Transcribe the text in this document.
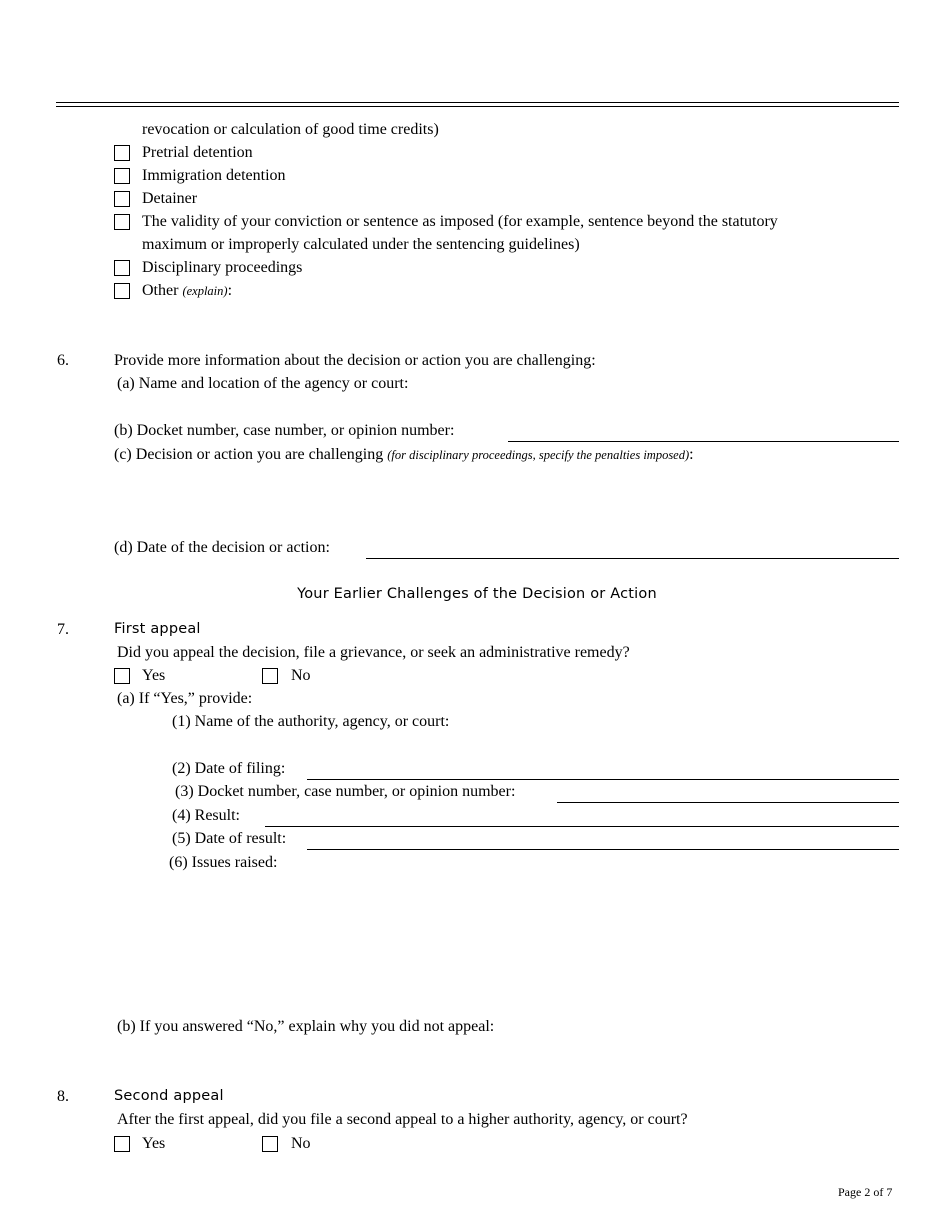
revocation or calculation of good time credits)
Pretrial detention
Immigration detention
Detainer
The validity of your conviction or sentence as imposed (for example, sentence beyond the statutory
maximum or improperly calculated under the sentencing guidelines)
Disciplinary proceedings
Other (explain):
6.	Provide more information about the decision or action you are challenging:
(a) Name and location of the agency or court:
(b) Docket number, case number, or opinion number:
(c) Decision or action you are challenging (for disciplinary proceedings, specify the penalties imposed):
(d) Date of the decision or action:
Your Earlier Challenges of the Decision or Action
7.	First appeal
Did you appeal the decision, file a grievance, or seek an administrative remedy?
Yes	No
(a) If “Yes,” provide:
(1) Name of the authority, agency, or court:
(2) Date of filing:
(3) Docket number, case number, or opinion number:
(4) Result:
(5) Date of result:
(6) Issues raised:
(b) If you answered “No,” explain why you did not appeal:
8.	Second appeal
After the first appeal, did you file a second appeal to a higher authority, agency, or court?
Yes	No
Page 2 of 7
